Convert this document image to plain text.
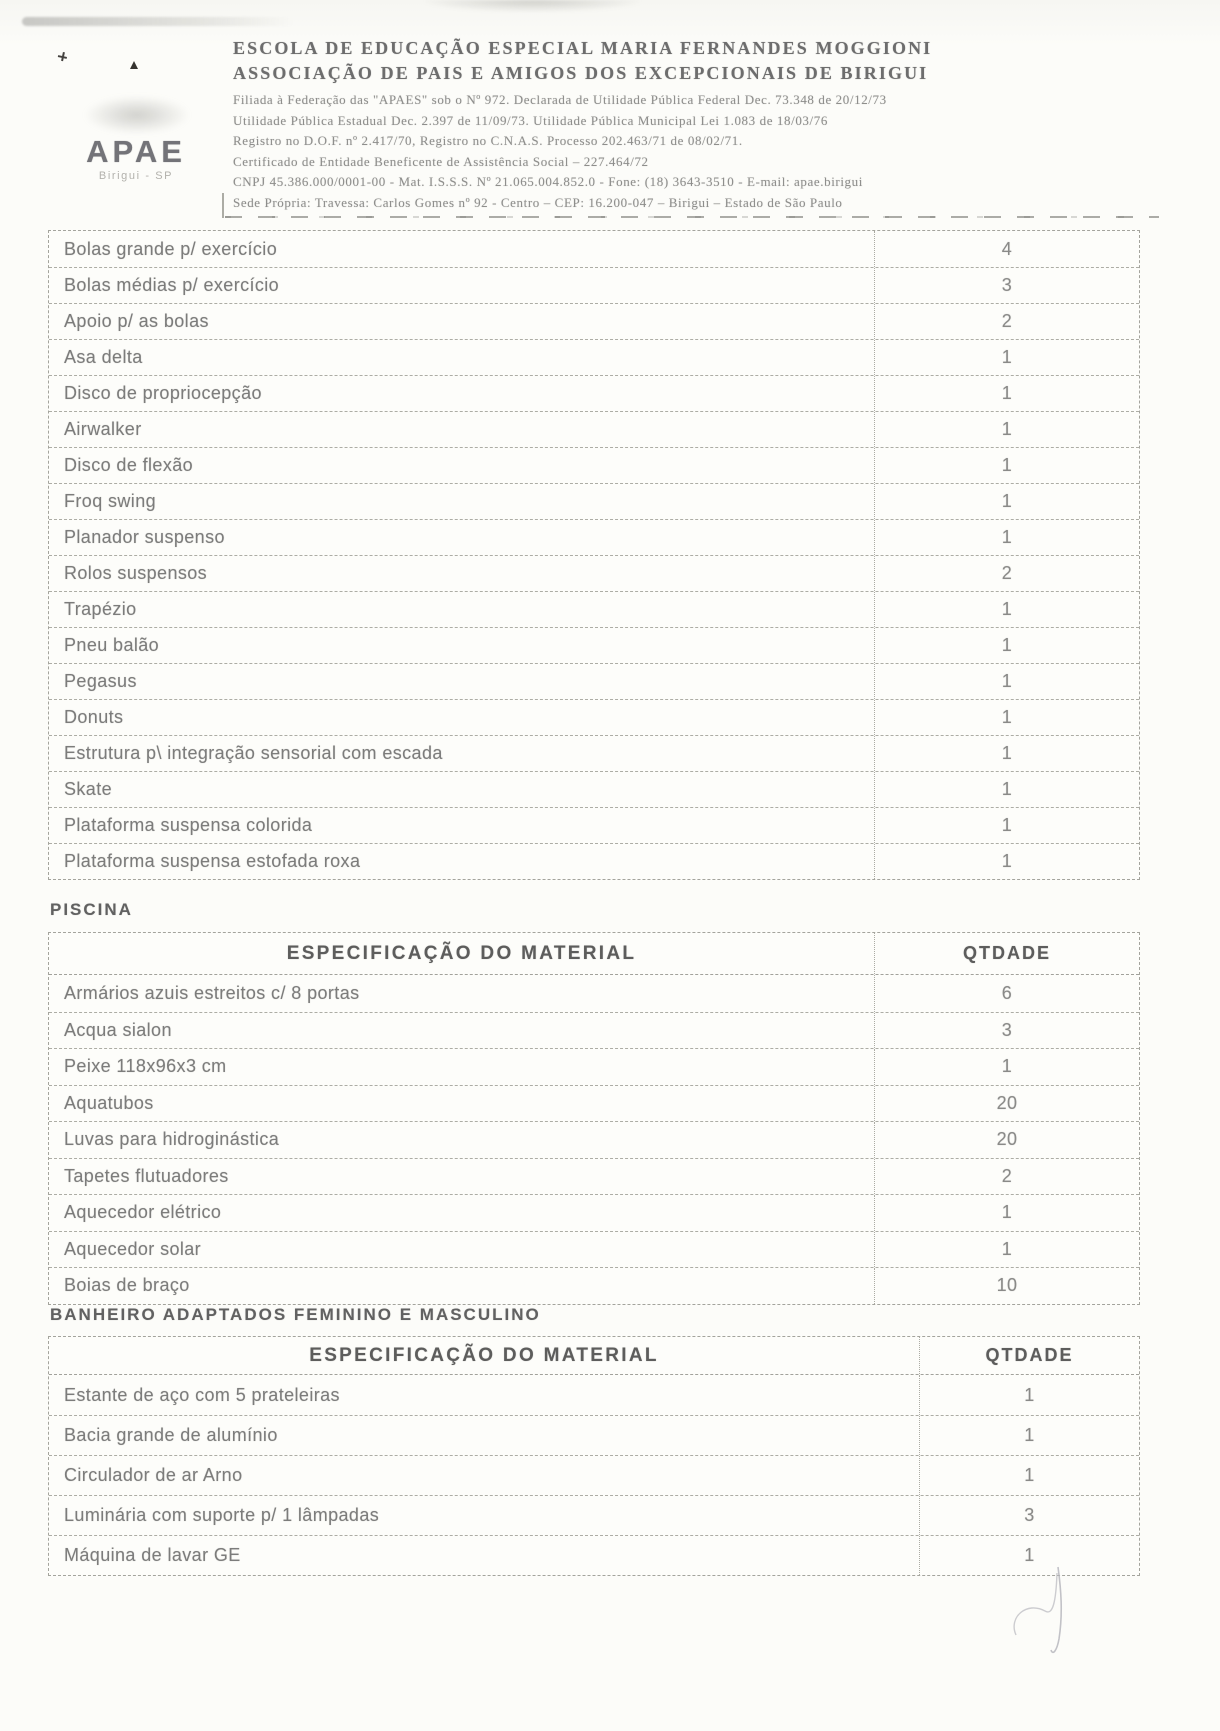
APAE
Birigui - SP
ESCOLA DE EDUCAÇÃO ESPECIAL MARIA FERNANDES MOGGIONI
ASSOCIAÇÃO DE PAIS E AMIGOS DOS EXCEPCIONAIS DE BIRIGUI
Filiada à Federação das "APAES" sob o Nº 972. Declarada de Utilidade Pública Federal Dec. 73.348 de 20/12/73
Utilidade Pública Estadual Dec. 2.397 de 11/09/73. Utilidade Pública Municipal Lei 1.083 de 18/03/76
Registro no D.O.F. nº 2.417/70, Registro no C.N.A.S. Processo 202.463/71 de 08/02/71.
Certificado de Entidade Beneficente de Assistência Social – 227.464/72
CNPJ 45.386.000/0001-00 - Mat. I.S.S.S. Nº 21.065.004.852.0 - Fone: (18) 3643-3510 - E-mail: apae.birigui
Sede Própria: Travessa: Carlos Gomes nº 92 - Centro – CEP: 16.200-047 – Birigui – Estado de São Paulo
Bolas grande p/ exercício	4
Bolas médias p/ exercício	3
Apoio p/ as bolas	2
Asa delta	1
Disco de propriocepção	1
Airwalker	1
Disco de flexão	1
Froq swing	1
Planador suspenso	1
Rolos suspensos	2
Trapézio	1
Pneu balão	1
Pegasus	1
Donuts	1
Estrutura p\ integração sensorial com escada	1
Skate	1
Plataforma suspensa colorida	1
Plataforma suspensa estofada roxa	1
PISCINA
ESPECIFICAÇÃO DO MATERIAL	QTDADE
Armários azuis estreitos c/ 8 portas	6
Acqua sialon	3
Peixe 118x96x3 cm	1
Aquatubos	20
Luvas para hidroginástica	20
Tapetes flutuadores	2
Aquecedor elétrico	1
Aquecedor solar	1
Boias de braço	10
BANHEIRO ADAPTADOS FEMININO E MASCULINO
ESPECIFICAÇÃO DO MATERIAL	QTDADE
Estante de aço com 5 prateleiras	1
Bacia grande de alumínio	1
Circulador de ar Arno	1
Luminária com suporte p/ 1 lâmpadas	3
Máquina de lavar GE	1
